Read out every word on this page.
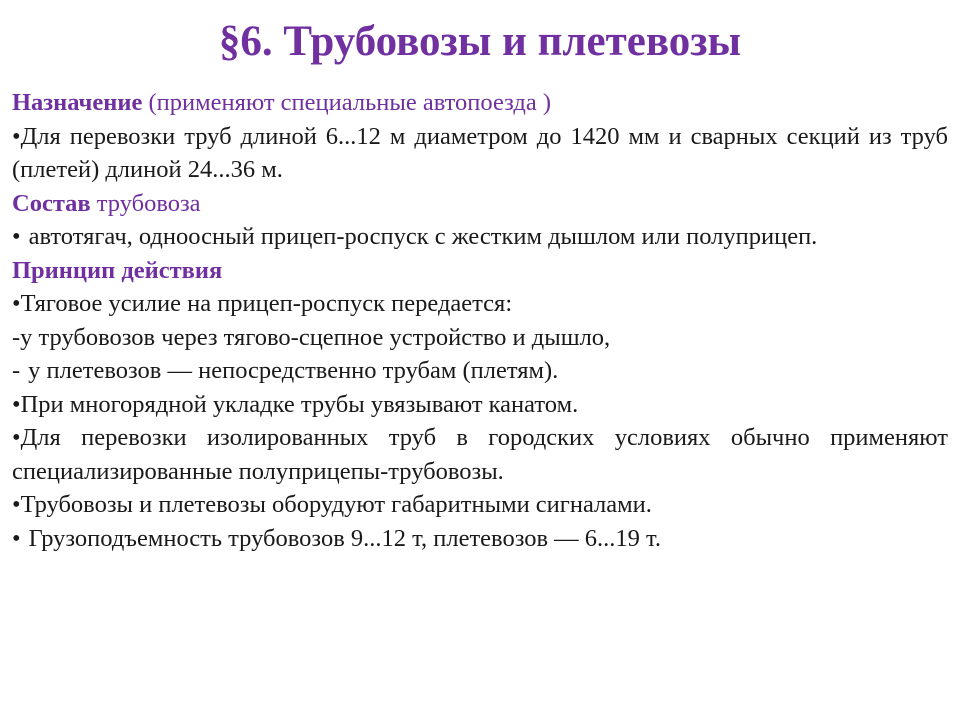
§6. Трубовозы и плетевозы

Назначение (применяют специальные автопоезда )

•Для перевозки труб длиной 6...12 м диаметром до 1420 мм и сварных секций из труб (плетей) длиной 24...36 м.

Состав трубовоза

• автотягач, одноосный прицеп-роспуск с жестким дышлом или полуприцеп.

Принцип действия

•Тяговое усилие на прицеп-роспуск передается:

-у трубовозов через тягово-сцепное устройство и дышло,

- у плетевозов — непосредственно трубам (плетям).

•При многорядной укладке трубы увязывают канатом.

•Для перевозки изолированных труб в городских условиях обычно применяют специализированные полуприцепы-трубовозы.

•Трубовозы и плетевозы оборудуют габаритными сигналами.

• Грузоподъемность трубовозов 9...12 т, плетевозов — 6...19 т.
